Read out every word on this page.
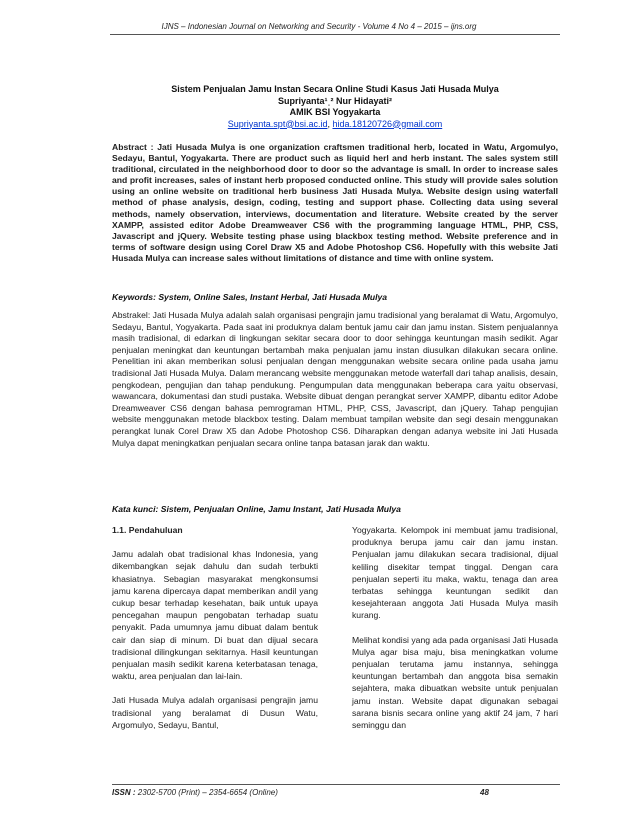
IJNS – Indonesian Journal on Networking and Security - Volume 4 No 4 – 2015 – ijns.org
Sistem Penjualan Jamu Instan Secara Online Studi Kasus Jati Husada Mulya
Supriyanta¹ˌ² Nur Hidayati²
AMIK BSI Yogyakarta
Supriyanta.spt@bsi.ac.id, hida.18120726@gmail.com
Abstract : Jati Husada Mulya is one organization craftsmen traditional herb, located in Watu, Argomulyo, Sedayu, Bantul, Yogyakarta. There are product such as liquid herl and herb instant. The sales system still traditional, circulated in the neighborhood door to door so the advantage is small. In order to increase sales and profit increases, sales of instant herb proposed conducted online. This study will provide sales solution using an online website on traditional herb business Jati Husada Mulya. Website design using waterfall method of phase analysis, design, coding, testing and support phase. Collecting data using several methods, namely observation, interviews, documentation and literature. Website created by the server XAMPP, assisted editor Adobe Dreamweaver CS6 with the programming language HTML, PHP, CSS, Javascript and jQuery. Website testing phase using blackbox testing method. Website preference and in terms of software design using Corel Draw X5 and Adobe Photoshop CS6. Hopefully with this website Jati Husada Mulya can increase sales without limitations of distance and time with online system.
Keywords: System, Online Sales, Instant Herbal, Jati Husada Mulya
Abstrakel: Jati Husada Mulya adalah salah organisasi pengrajin jamu tradisional yang beralamat di Watu, Argomulyo, Sedayu, Bantul, Yogyakarta. Pada saat ini produknya dalam bentuk jamu cair dan jamu instan. Sistem penjualannya masih tradisional, di edarkan di lingkungan sekitar secara door to door sehingga keuntungan masih sedikit. Agar penjualan meningkat dan keuntungan bertambah maka penjualan jamu instan diusulkan dilakukan secara online. Penelitian ini akan memberikan solusi penjualan dengan menggunakan website secara online pada usaha jamu tradisional Jati Husada Mulya. Dalam merancang website menggunakan metode waterfall dari tahap analisis, desain, pengkodean, pengujian dan tahap pendukung. Pengumpulan data menggunakan beberapa cara yaitu observasi, wawancara, dokumentasi dan studi pustaka. Website dibuat dengan perangkat server XAMPP, dibantu editor Adobe Dreamweaver CS6 dengan bahasa pemrograman HTML, PHP, CSS, Javascript, dan jQuery. Tahap pengujian website menggunakan metode blackbox testing. Dalam membuat tampilan website dan segi desain menggunakan perangkat lunak Corel Draw X5 dan Adobe Photoshop CS6. Diharapkan dengan adanya website ini Jati Husada Mulya dapat meningkatkan penjualan secara online tanpa batasan jarak dan waktu.
Kata kunci: Sistem, Penjualan Online, Jamu Instant, Jati Husada Mulya
1.1. Pendahuluan

Jamu adalah obat tradisional khas Indonesia, yang dikembangkan sejak dahulu dan sudah terbukti khasiatnya. Sebagian masyarakat mengkonsumsi jamu karena dipercaya dapat memberikan andil yang cukup besar terhadap kesehatan, baik untuk upaya pencegahan maupun pengobatan terhadap suatu penyakit. Pada umumnya jamu dibuat dalam bentuk cair dan siap di minum. Di buat dan dijual secara tradisional dilingkungan sekitarnya. Hasil keuntungan penjualan masih sedikit karena keterbatasan tenaga, waktu, area penjualan dan lai-lain.

Jati Husada Mulya adalah organisasi pengrajin jamu tradisional yang beralamat di Dusun Watu, Argomulyo, Sedayu, Bantul,

Yogyakarta. Kelompok ini membuat jamu tradisional, produknya berupa jamu cair dan jamu instan. Penjualan jamu dilakukan secara tradisional, dijual keliling disekitar tempat tinggal. Dengan cara penjualan seperti itu maka, waktu, tenaga dan area terbatas sehingga keuntungan sedikit dan kesejahteraan anggota Jati Husada Mulya masih kurang.

Melihat kondisi yang ada pada organisasi Jati Husada Mulya agar bisa maju, bisa meningkatkan volume penjualan terutama jamu instannya, sehingga keuntungan bertambah dan anggota bisa semakin sejahtera, maka dibuatkan website untuk penjualan jamu instan. Website dapat digunakan sebagai sarana bisnis secara online yang aktif 24 jam, 7 hari seminggu dan

ISSN : 2302-5700 (Print) – 2354-6654 (Online)	48
